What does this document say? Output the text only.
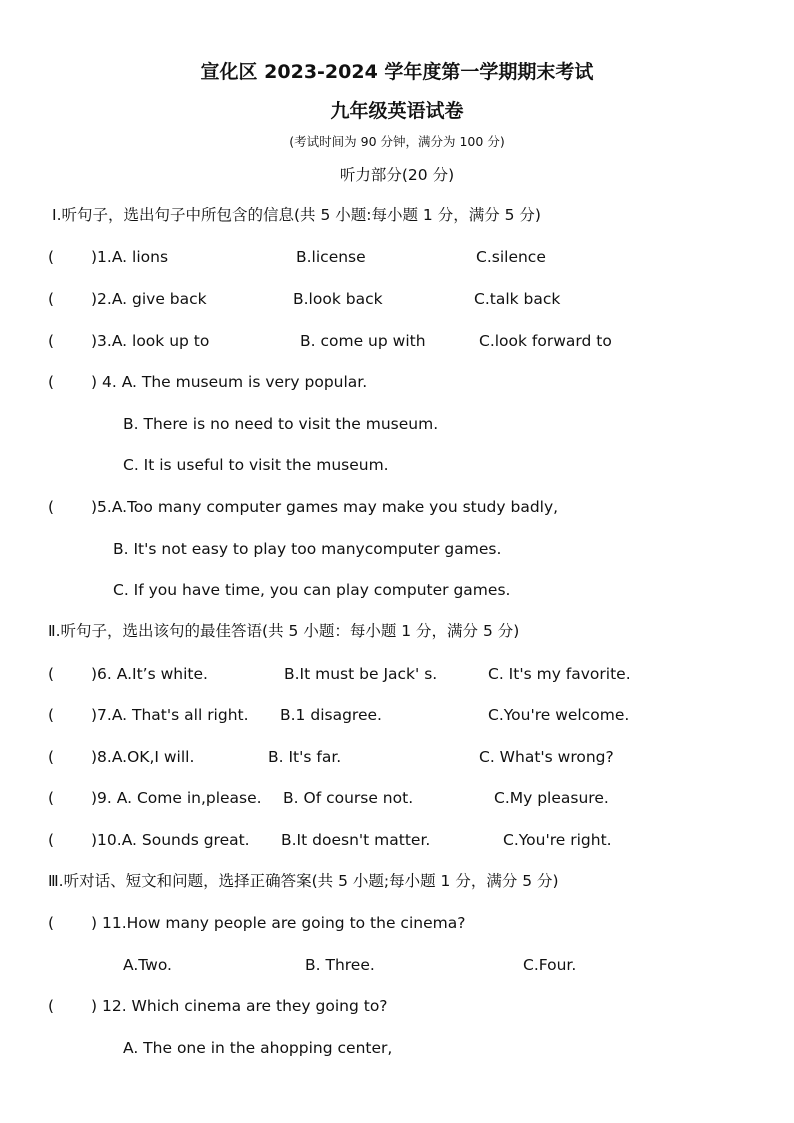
宣化区 2023-2024 学年度第一学期期末考试
九年级英语试卷
(考试时间为 90 分钟，满分为 100 分)
听力部分(20 分)
Ⅰ.听句子，选出句子中所包含的信息(共 5 小题:每小题 1 分，满分 5 分)
( )1.A. lions	B.license	C.silence
( )2.A. give back	B.look back	C.talk back
( )3.A. look up to	B. come up with	C.look forward to
( ) 4. A. The museum is very popular.
B. There is no need to visit the museum.
C. It is useful to visit the museum.
( )5.A.Too many computer games may make you study badly,
B. It's not easy to play too manycomputer games.
C. If you have time, you can play computer games.
Ⅱ.听句子，选出该句的最佳答语(共 5 小题：每小题 1 分，满分 5 分)
( )6. A.It’s white.	B.It must be Jack' s.	C. It's my favorite.
( )7.A. That's all right. B.1 disagree.	C.You're welcome.
( )8.A.OK,I will.	B. It's far.	C. What's wrong?
( )9. A. Come in,please. B. Of course not.	C.My pleasure.
( )10.A. Sounds great. B.It doesn't matter.	C.You're right.
Ⅲ.听对话、短文和问题，选择正确答案(共 5 小题;每小题 1 分，满分 5 分)
( ) 11.How many people are going to the cinema?
A.Two.	B. Three.	C.Four.
( ) 12. Which cinema are they going to?
A. The one in the ahopping center,
